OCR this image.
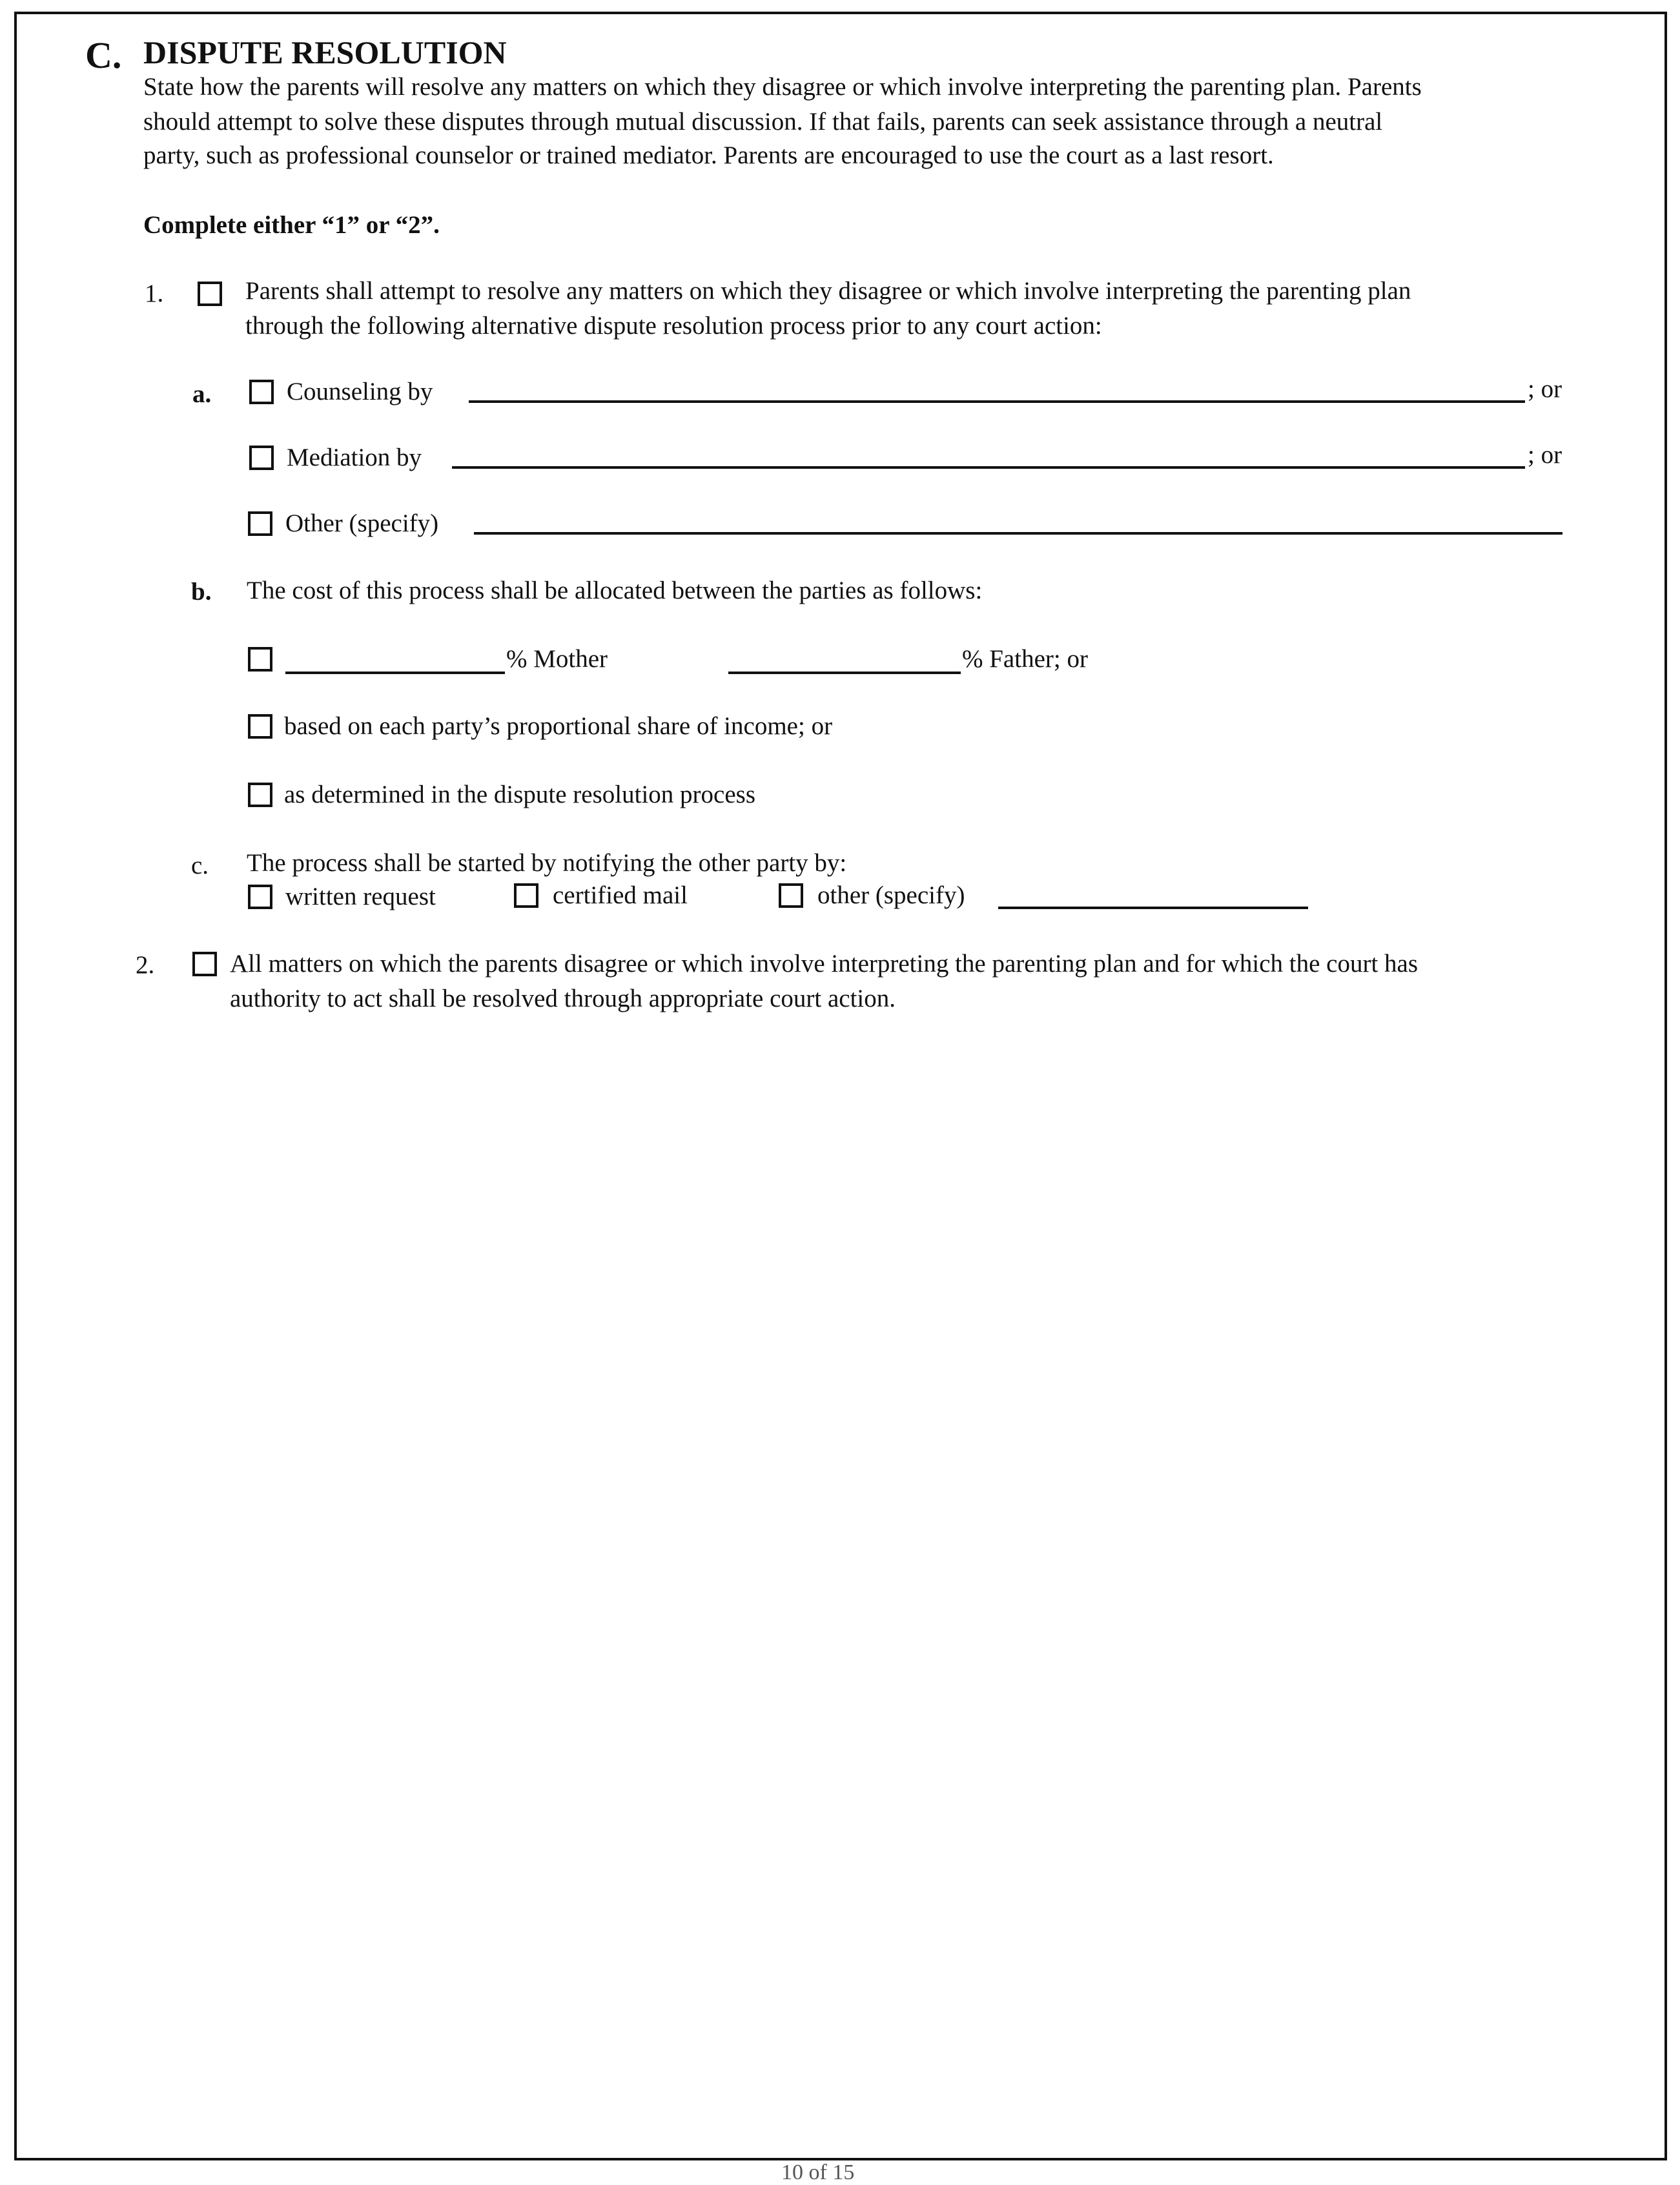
C. DISPUTE RESOLUTION
State how the parents will resolve any matters on which they disagree or which involve interpreting the parenting plan. Parents
should attempt to solve these disputes through mutual discussion. If that fails, parents can seek assistance through a neutral
party, such as professional counselor or trained mediator. Parents are encouraged to use the court as a last resort.
Complete either “1” or “2”.
1.	Parents shall attempt to resolve any matters on which they disagree or which involve interpreting the parenting plan
through the following alternative dispute resolution process prior to any court action:
a.	Counseling by	; or
Mediation by	; or
Other (specify)
b. The cost of this process shall be allocated between the parties as follows:
% Mother	% Father; or
based on each party’s proportional share of income; or
as determined in the dispute resolution process
c. The process shall be started by notifying the other party by:
written request	certified mail	other (specify)
2.	All matters on which the parents disagree or which involve interpreting the parenting plan and for which the court has
authority to act shall be resolved through appropriate court action.
10 of 15
